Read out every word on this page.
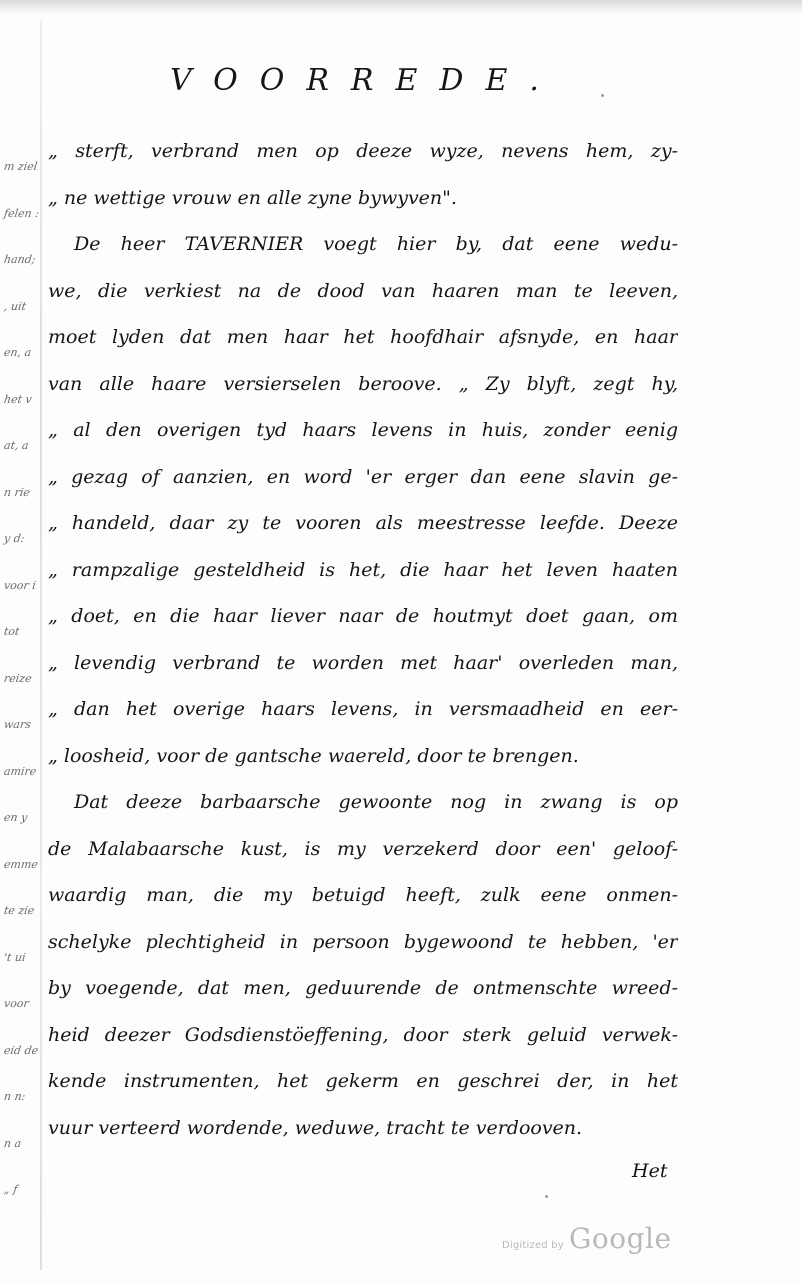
m ziel
felen :
hand;
, uit
en, a
het v
at, a
n rie
y d:
voor i
tot
reize
wars
amire
en y
emme
te zie
't ui
voor
eid de
n n:
n a
„ f
VOORREDE.
„ sterft, verbrand men op deeze wyze, nevens hem, zy-
„ ne wettige vrouw en alle zyne bywyven".
De heer TAVERNIER voegt hier by, dat eene wedu-
we, die verkiest na de dood van haaren man te leeven,
moet lyden dat men haar het hoofdhair afsnyde, en haar
van alle haare versierselen beroove. „ Zy blyft, zegt hy,
„ al den overigen tyd haars levens in huis, zonder eenig
„ gezag of aanzien, en word 'er erger dan eene slavin ge-
„ handeld, daar zy te vooren als meestresse leefde. Deeze
„ rampzalige gesteldheid is het, die haar het leven haaten
„ doet, en die haar liever naar de houtmyt doet gaan, om
„ levendig verbrand te worden met haar' overleden man,
„ dan het overige haars levens, in versmaadheid en eer-
„ loosheid, voor de gantsche waereld, door te brengen.
Dat deeze barbaarsche gewoonte nog in zwang is op
de Malabaarsche kust, is my verzekerd door een' geloof-
waardig man, die my betuigd heeft, zulk eene onmen-
schelyke plechtigheid in persoon bygewoond te hebben, 'er
by voegende, dat men, geduurende de ontmenschte wreed-
heid deezer Godsdienstöeffening, door sterk geluid verwek-
kende instrumenten, het gekerm en geschrei der, in het
vuur verteerd wordende, weduwe, tracht te verdooven.
Het
Digitized by Google
